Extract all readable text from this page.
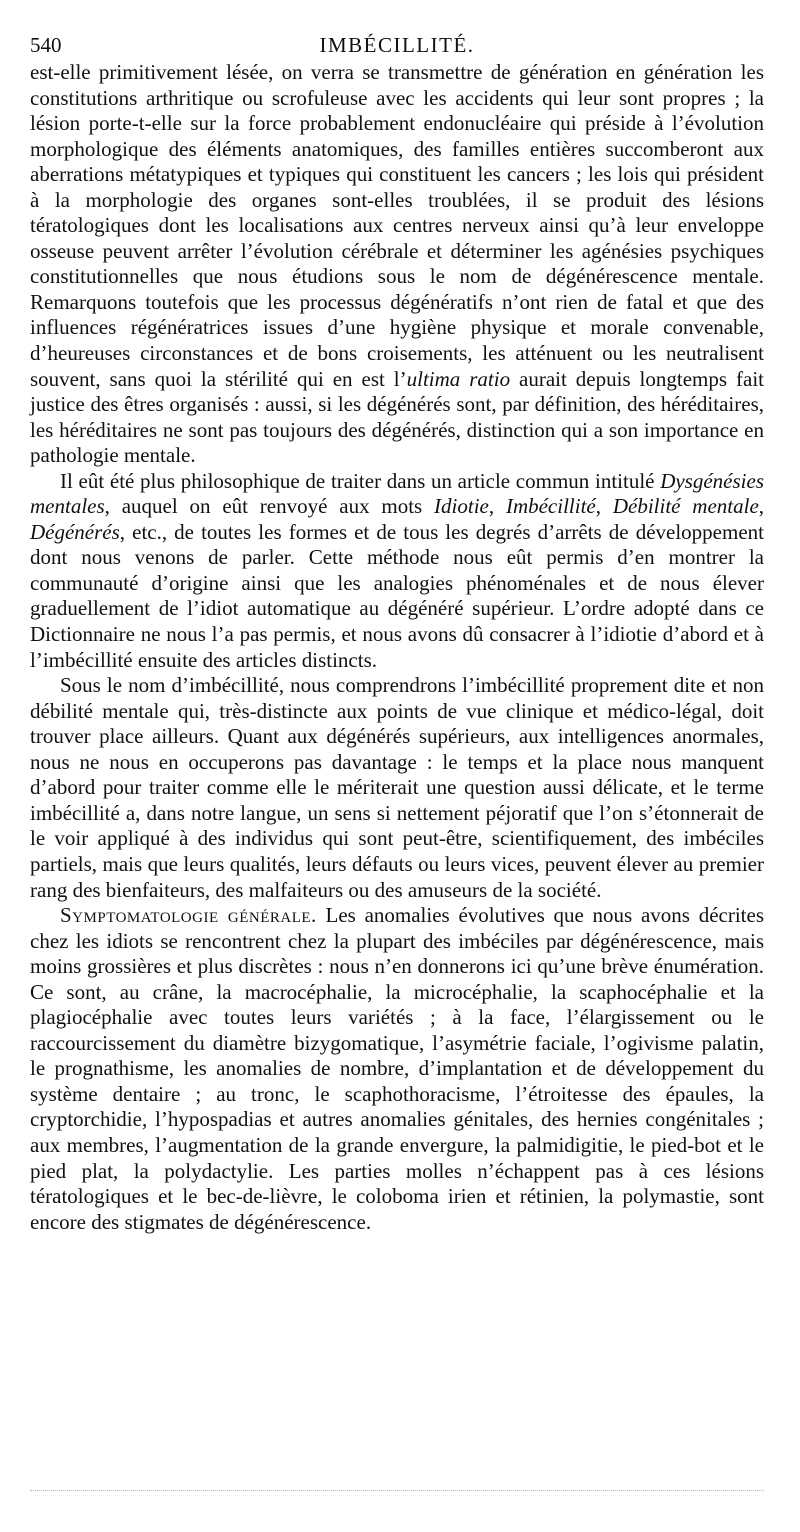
540	IMBÉCILLITÉ.

est-elle primitivement lésée, on verra se transmettre de génération en génération les constitutions arthritique ou scrofuleuse avec les accidents qui leur sont propres ; la lésion porte-t-elle sur la force probablement endonucléaire qui préside à l’évolution morphologique des éléments anatomiques, des familles entières succomberont aux aberrations métatypiques et typiques qui constituent les cancers ; les lois qui président à la morphologie des organes sont-elles troublées, il se produit des lésions tératologiques dont les localisations aux centres nerveux ainsi qu’à leur enveloppe osseuse peuvent arrêter l’évolution cérébrale et déterminer les agénésies psychiques constitutionnelles que nous étudions sous le nom de dégénérescence mentale. Remarquons toutefois que les processus dégénératifs n’ont rien de fatal et que des influences régénératrices issues d’une hygiène physique et morale convenable, d’heureuses circonstances et de bons croisements, les atténuent ou les neutralisent souvent, sans quoi la stérilité qui en est l’ultima ratio aurait depuis longtemps fait justice des êtres organisés : aussi, si les dégénérés sont, par définition, des héréditaires, les héréditaires ne sont pas toujours des dégénérés, distinction qui a son importance en pathologie mentale.

Il eût été plus philosophique de traiter dans un article commun intitulé Dysgénésies mentales, auquel on eût renvoyé aux mots Idiotie, Imbécillité, Débilité mentale, Dégénérés, etc., de toutes les formes et de tous les degrés d’arrêts de développement dont nous venons de parler. Cette méthode nous eût permis d’en montrer la communauté d’origine ainsi que les analogies phénoménales et de nous élever graduellement de l’idiot automatique au dégénéré supérieur. L’ordre adopté dans ce Dictionnaire ne nous l’a pas permis, et nous avons dû consacrer à l’idiotie d’abord et à l’imbécillité ensuite des articles distincts.

Sous le nom d’imbécillité, nous comprendrons l’imbécillité proprement dite et non débilité mentale qui, très-distincte aux points de vue clinique et médico-légal, doit trouver place ailleurs. Quant aux dégénérés supérieurs, aux intelligences anormales, nous ne nous en occuperons pas davantage : le temps et la place nous manquent d’abord pour traiter comme elle le mériterait une question aussi délicate, et le terme imbécillité a, dans notre langue, un sens si nettement péjoratif que l’on s’étonnerait de le voir appliqué à des individus qui sont peut-être, scientifiquement, des imbéciles partiels, mais que leurs qualités, leurs défauts ou leurs vices, peuvent élever au premier rang des bienfaiteurs, des malfaiteurs ou des amuseurs de la société.

Symptomatologie générale. Les anomalies évolutives que nous avons décrites chez les idiots se rencontrent chez la plupart des imbéciles par dégénérescence, mais moins grossières et plus discrètes : nous n’en donnerons ici qu’une brève énumération. Ce sont, au crâne, la macrocéphalie, la microcéphalie, la scaphocéphalie et la plagiocéphalie avec toutes leurs variétés ; à la face, l’élargissement ou le raccourcissement du diamètre bizygomatique, l’asymétrie faciale, l’ogivisme palatin, le prognathisme, les anomalies de nombre, d’implantation et de développement du système dentaire ; au tronc, le scaphothoracisme, l’étroitesse des épaules, la cryptorchidie, l’hypospadias et autres anomalies génitales, des hernies congénitales ; aux membres, l’augmentation de la grande envergure, la palmidigitie, le pied-bot et le pied plat, la polydactylie. Les parties molles n’échappent pas à ces lésions tératologiques et le bec-de-lièvre, le coloboma irien et rétinien, la polymastie, sont encore des stigmates de dégénérescence.
